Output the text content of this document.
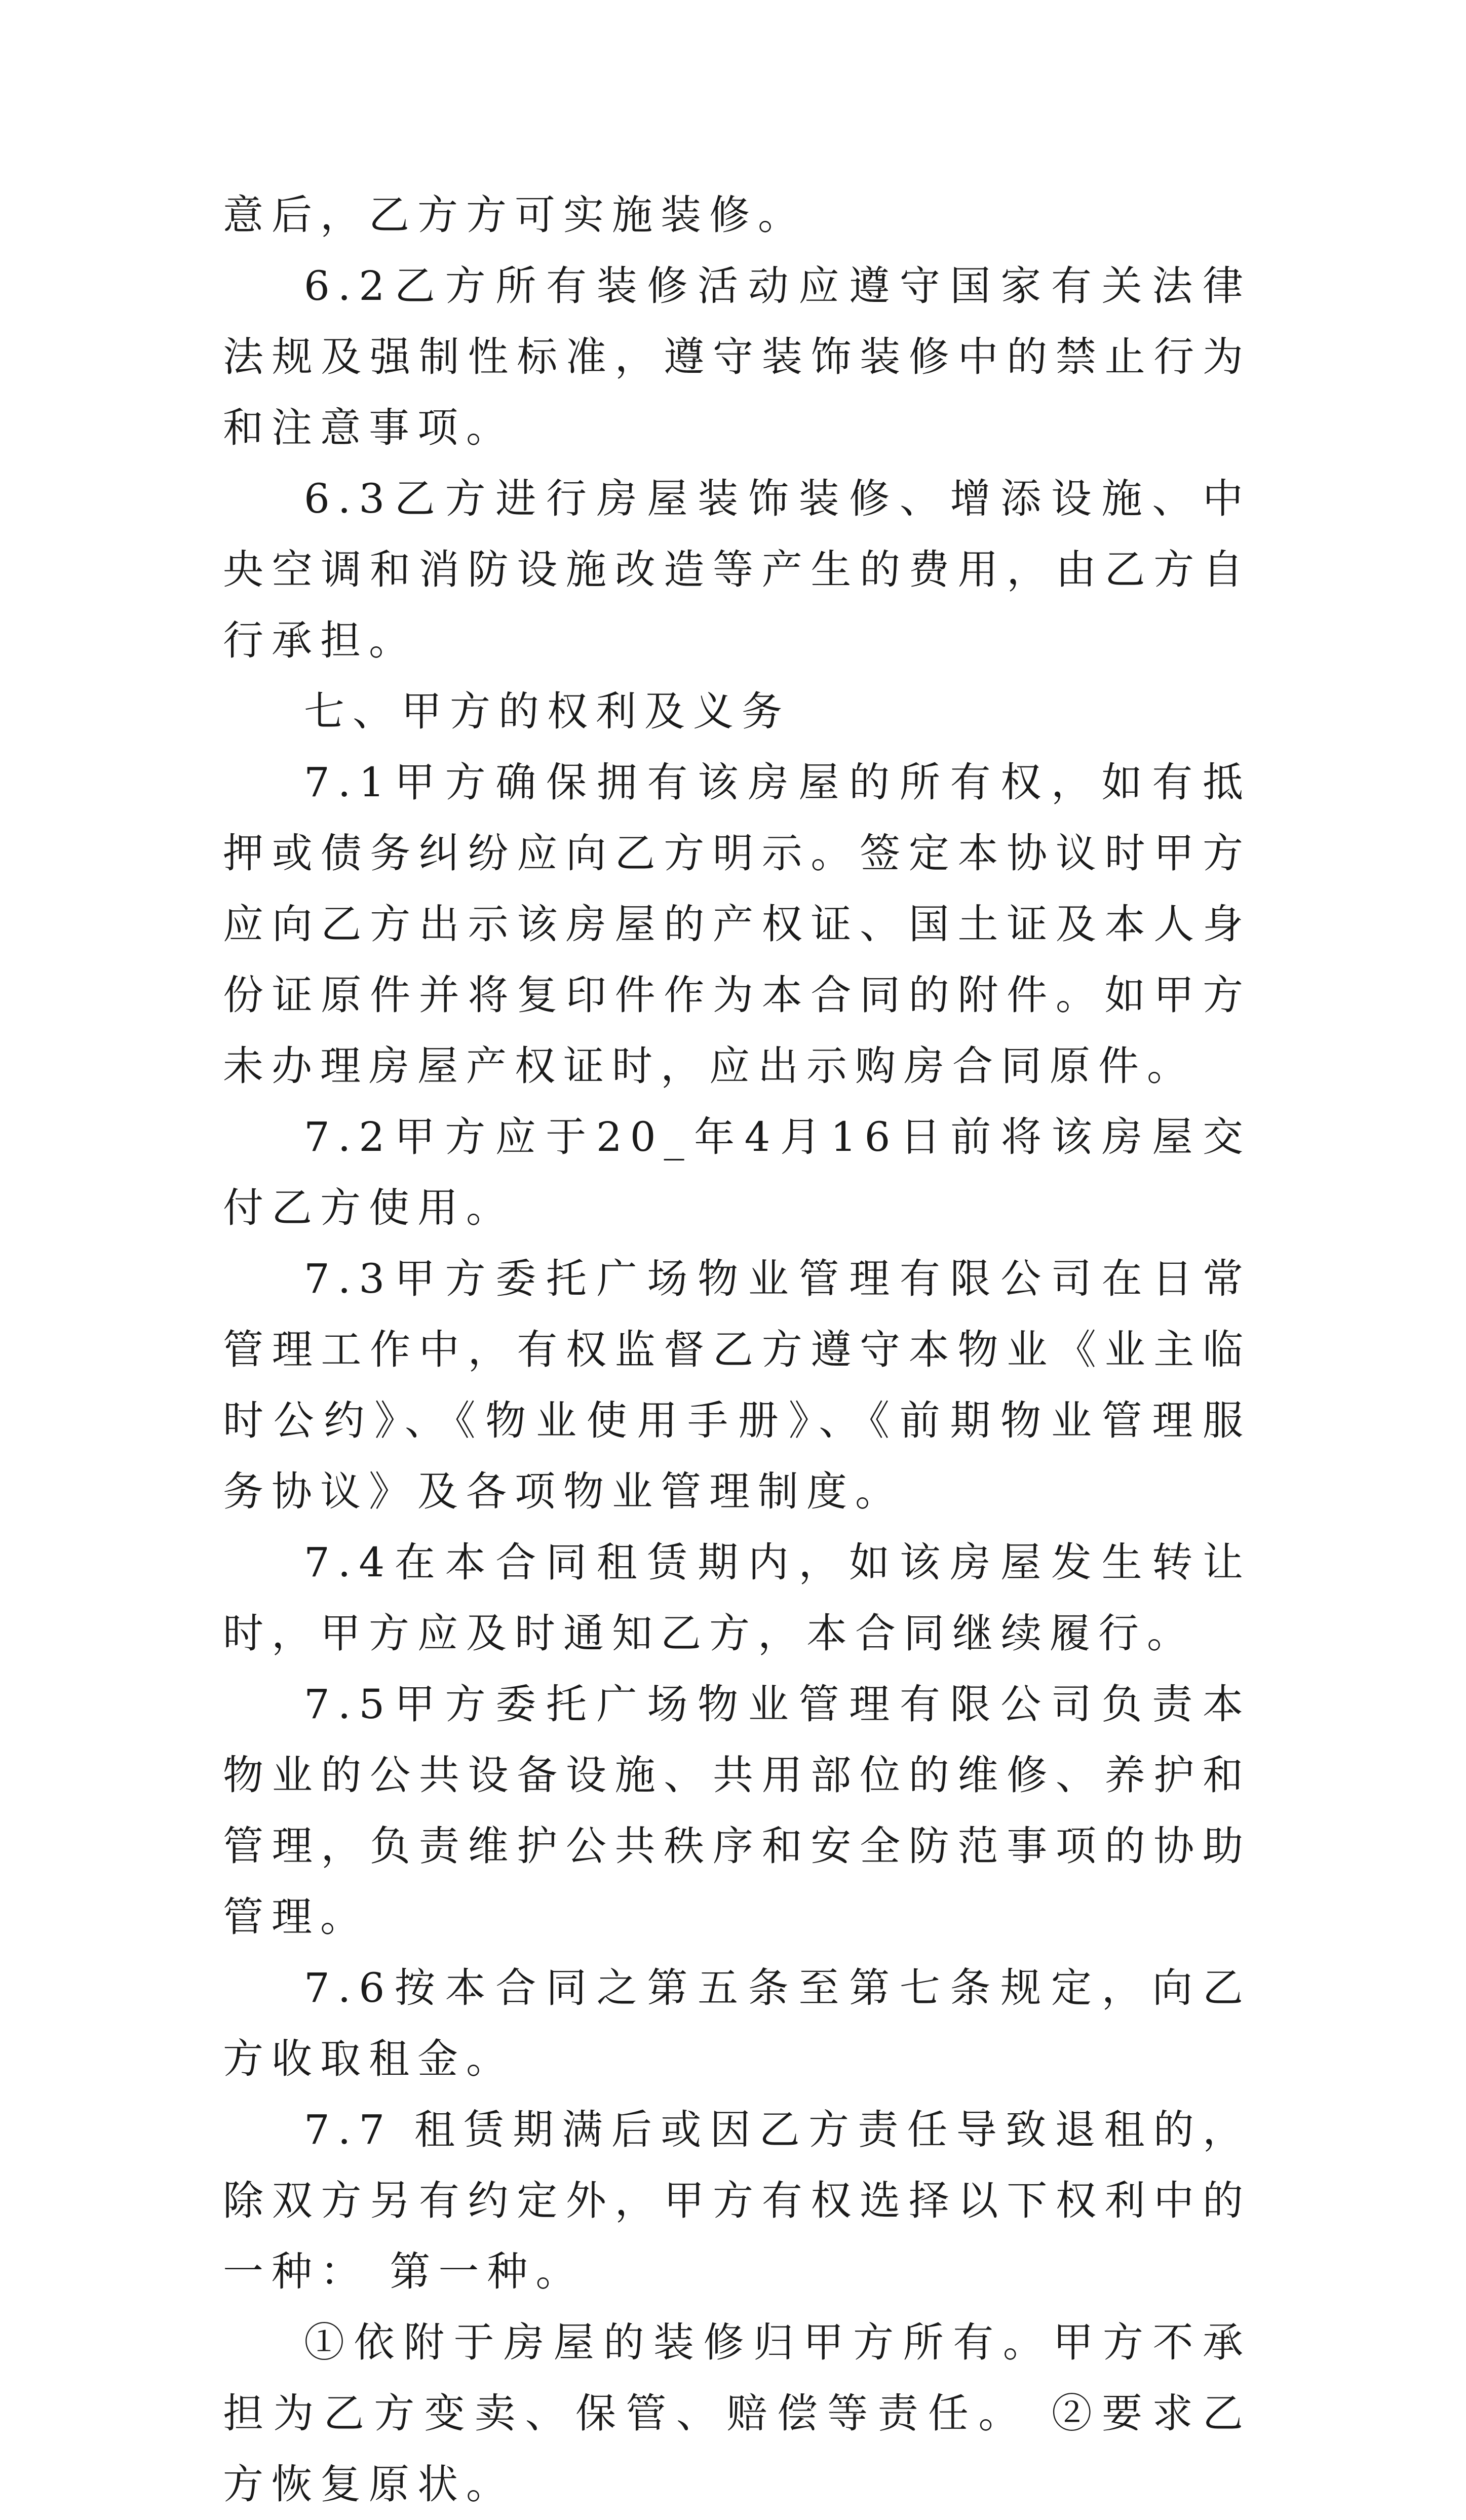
意后，乙方方可实施装修。

6.2乙方所有装修活动应遵守国家有关法律法规及强制性标准，遵守装饰装修中的禁止行为和注意事项。

6.3乙方进行房屋装饰装修、增添设施、中央空调和消防设施改造等产生的费用，由乙方自行承担。

七、甲方的权利及义务

7.1甲方确保拥有该房屋的所有权，如有抵押或债务纠纷应向乙方明示。签定本协议时甲方应向乙方出示该房屋的产权证、国土证及本人身份证原件并将复印件作为本合同的附件。如甲方未办理房屋产权证时，应出示购房合同原件。

7.2甲方应于20_年4月16日前将该房屋交付乙方使用。

7.3甲方委托广场物业管理有限公司在日常管理工作中，有权监督乙方遵守本物业《业主临时公约》、《物业使用手册》、《前期物业管理服务协议》及各项物业管理制度。

7.4在本合同租赁期内，如该房屋发生转让时，甲方应及时通知乙方，本合同继续履行。

7.5甲方委托广场物业管理有限公司负责本物业的公共设备设施、共用部位的维修、养护和管理，负责维护公共秩序和安全防范事项的协助管理。

7.6按本合同之第五条至第七条规定，向乙方收取租金。

7.7 租赁期满后或因乙方责任导致退租的，除双方另有约定外，甲方有权选择以下权利中的一种： 第一种。

①依附于房屋的装修归甲方所有。甲方不承担为乙方变卖、保管、赔偿等责任。 ②要求乙方恢复原状。
